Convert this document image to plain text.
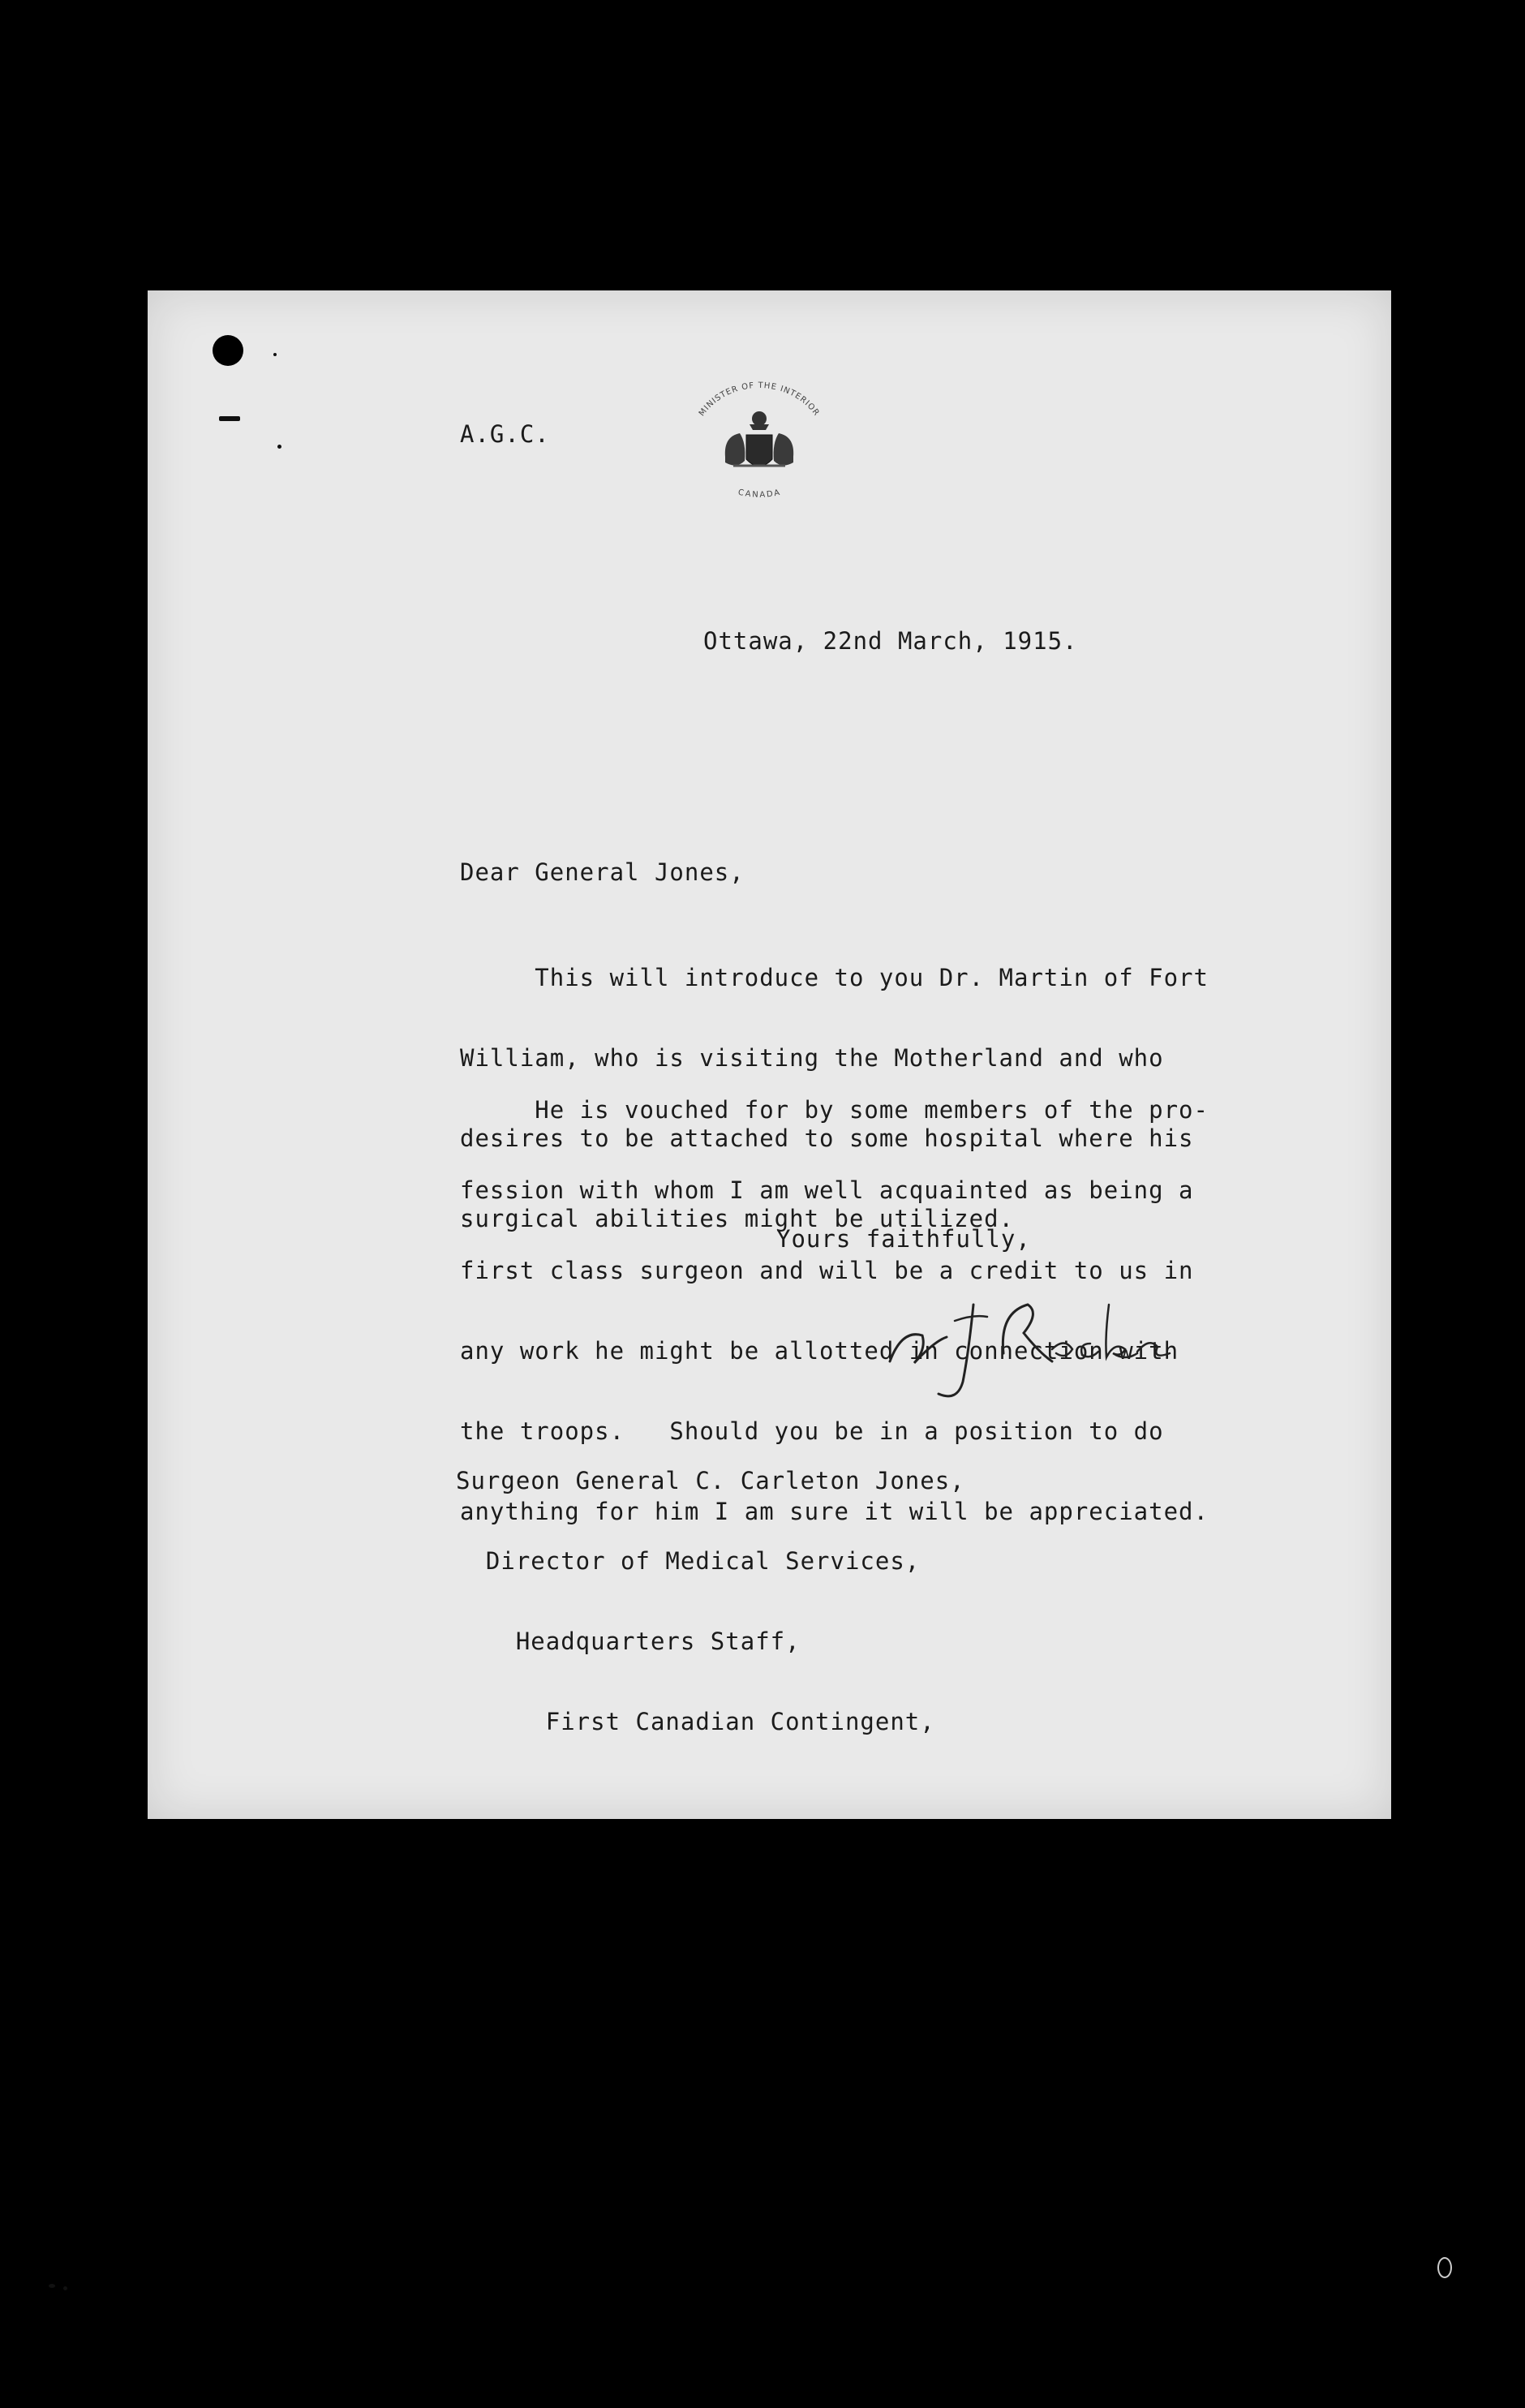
A.G.C.
MINISTER OF THE INTERIOR
CANADA
Ottawa, 22nd March, 1915.
Dear General Jones,

This will introduce to you Dr. Martin of Fort

William, who is visiting the Motherland and who

desires to be attached to some hospital where his

surgical abilities might be utilized.

He is vouched for by some members of the pro-

fession with whom I am well acquainted as being a

first class surgeon and will be a credit to us in

any work he might be allotted in connection with

the troops.   Should you be in a position to do

anything for him I am sure it will be appreciated.

Yours faithfully,

Surgeon General C. Carleton Jones,

Director of Medical Services,

Headquarters Staff,

First Canadian Contingent,
